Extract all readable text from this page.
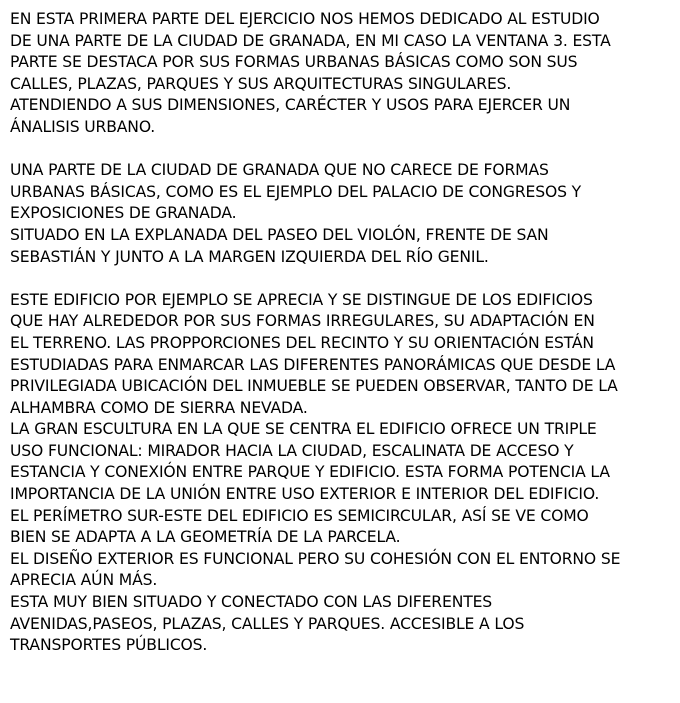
EN ESTA PRIMERA PARTE DEL EJERCICIO NOS HEMOS DEDICADO AL ESTUDIO
DE UNA PARTE DE LA CIUDAD DE GRANADA, EN MI CASO LA VENTANA 3. ESTA
PARTE SE DESTACA POR SUS FORMAS URBANAS BÁSICAS COMO SON SUS
CALLES, PLAZAS, PARQUES Y SUS ARQUITECTURAS SINGULARES.
ATENDIENDO A SUS DIMENSIONES, CARÉCTER Y USOS PARA EJERCER UN
ÁNALISIS URBANO.
UNA PARTE DE LA CIUDAD DE GRANADA QUE NO CARECE DE FORMAS
URBANAS BÁSICAS, COMO ES EL EJEMPLO DEL PALACIO DE CONGRESOS Y
EXPOSICIONES DE GRANADA.
SITUADO EN LA EXPLANADA DEL PASEO DEL VIOLÓN, FRENTE DE SAN
SEBASTIÁN Y JUNTO A LA MARGEN IZQUIERDA DEL RÍO GENIL.
ESTE EDIFICIO POR EJEMPLO SE APRECIA Y SE DISTINGUE DE LOS EDIFICIOS
QUE HAY ALREDEDOR POR SUS FORMAS IRREGULARES, SU ADAPTACIÓN EN
EL TERRENO. LAS PROPPORCIONES DEL RECINTO Y SU ORIENTACIÓN ESTÁN
ESTUDIADAS PARA ENMARCAR LAS DIFERENTES PANORÁMICAS QUE DESDE LA
PRIVILEGIADA UBICACIÓN DEL INMUEBLE SE PUEDEN OBSERVAR, TANTO DE LA
ALHAMBRA COMO DE SIERRA NEVADA.
LA GRAN ESCULTURA EN LA QUE SE CENTRA EL EDIFICIO OFRECE UN TRIPLE
USO FUNCIONAL: MIRADOR HACIA LA CIUDAD, ESCALINATA DE ACCESO Y
ESTANCIA Y CONEXIÓN ENTRE PARQUE Y EDIFICIO. ESTA FORMA POTENCIA LA
IMPORTANCIA DE LA UNIÓN ENTRE USO EXTERIOR E INTERIOR DEL EDIFICIO.
EL PERÍMETRO SUR-ESTE DEL EDIFICIO ES SEMICIRCULAR, ASÍ SE VE COMO
BIEN SE ADAPTA A LA GEOMETRÍA DE LA PARCELA.
EL DISEÑO EXTERIOR ES FUNCIONAL PERO SU COHESIÓN CON EL ENTORNO SE
APRECIA AÚN MÁS.
ESTA MUY BIEN SITUADO Y CONECTADO CON LAS DIFERENTES
AVENIDAS,PASEOS, PLAZAS, CALLES Y PARQUES. ACCESIBLE A LOS
TRANSPORTES PÚBLICOS.
